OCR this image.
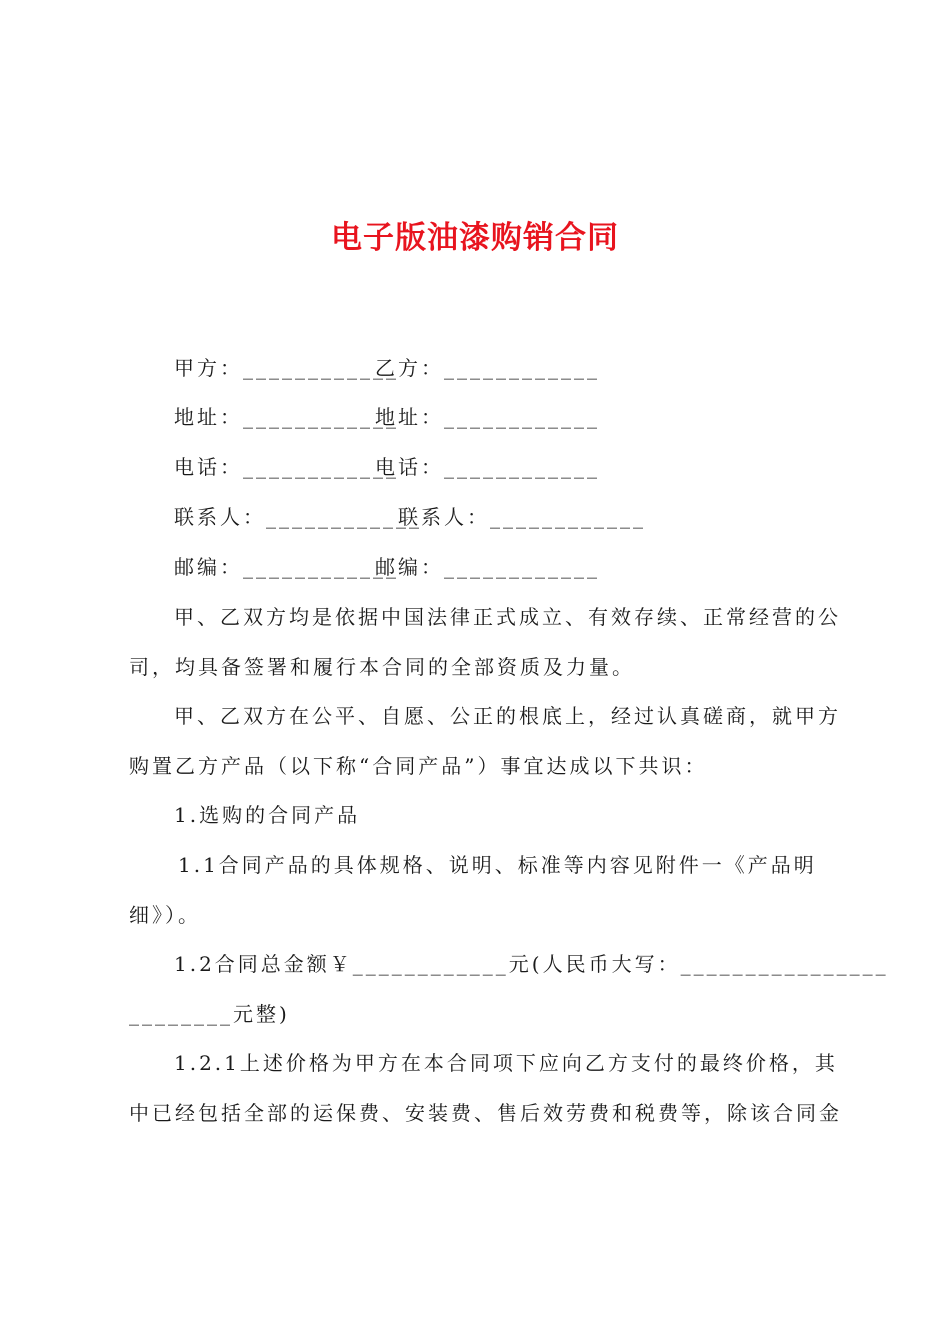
电子版油漆购销合同
甲方：____________
乙方：____________
地址：____________
地址：____________
电话：____________
电话：____________
联系人：____________
联系人：____________
邮编：____________
邮编：____________
甲、乙双方均是依据中国法律正式成立、有效存续、正常经营的公
司，均具备签署和履行本合同的全部资质及力量。
甲、乙双方在公平、自愿、公正的根底上，经过认真磋商，就甲方
购置乙方产品（以下称“合同产品”）事宜达成以下共识：
1.选购的合同产品
1.1合同产品的具体规格、说明、标准等内容见附件一《产品明
细》）。
1.2合同总金额￥____________元(人民币大写：________________
________元整)
1.2.1上述价格为甲方在本合同项下应向乙方支付的最终价格，其
中已经包括全部的运保费、安装费、售后效劳费和税费等，除该合同金
